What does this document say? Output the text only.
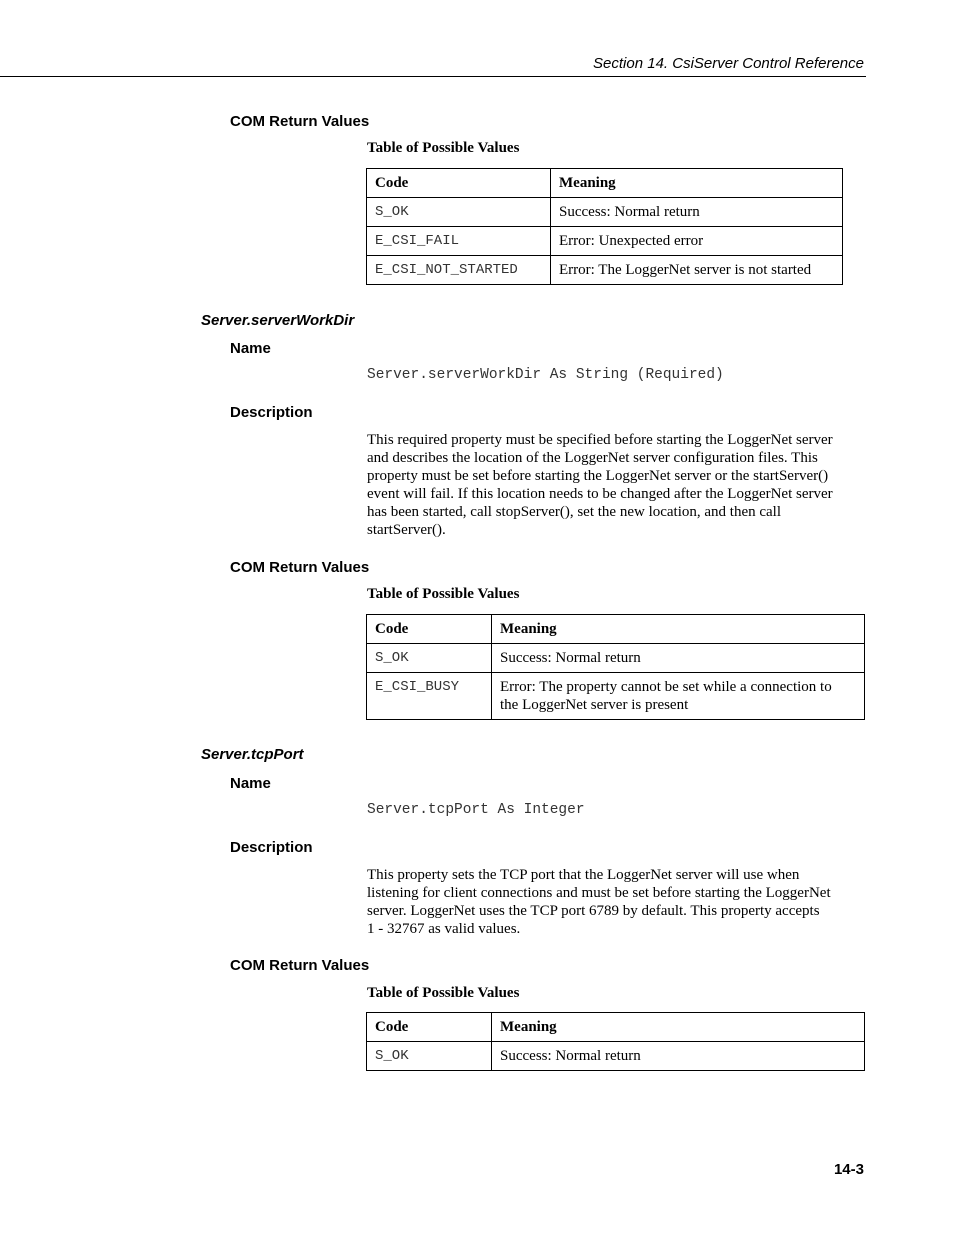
Section 14. CsiServer Control Reference
COM Return Values
Table of Possible Values
Code	Meaning
S_OK	Success: Normal return
E_CSI_FAIL	Error: Unexpected error
E_CSI_NOT_STARTED	Error: The LoggerNet server is not started
Server.serverWorkDir
Name
Server.serverWorkDir As String (Required)
Description
This required property must be specified before starting the LoggerNet server
and describes the location of the LoggerNet server configuration files. This
property must be set before starting the LoggerNet server or the startServer()
event will fail. If this location needs to be changed after the LoggerNet server
has been started, call stopServer(), set the new location, and then call
startServer().
COM Return Values
Table of Possible Values
Code	Meaning
S_OK	Success: Normal return
E_CSI_BUSY	Error: The property cannot be set while a connection to
the LoggerNet server is present
Server.tcpPort
Name
Server.tcpPort As Integer
Description
This property sets the TCP port that the LoggerNet server will use when
listening for client connections and must be set before starting the LoggerNet
server. LoggerNet uses the TCP port 6789 by default. This property accepts
1 - 32767 as valid values.
COM Return Values
Table of Possible Values
Code	Meaning
S_OK	Success: Normal return
14-3
